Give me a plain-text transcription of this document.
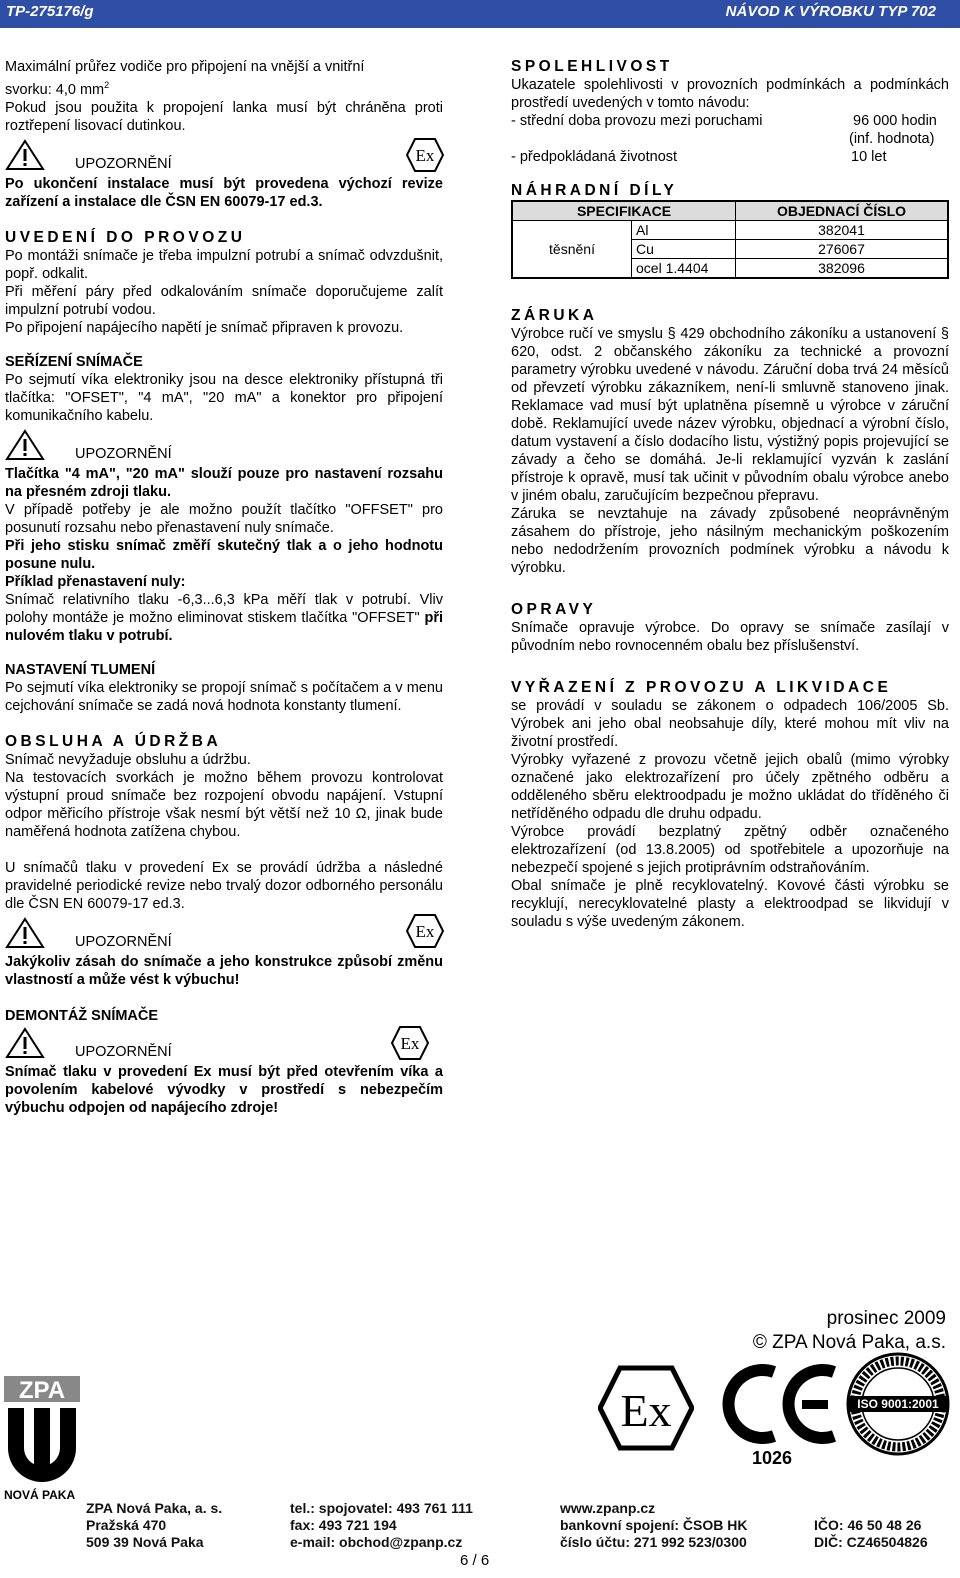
TP-275176/g	NÁVOD K VÝROBKU TYP 702

Maximální průřez vodiče pro připojení na vnější a vnitřní

svorku: 4,0 $mm^2$

Pokud jsou použita k propojení lanka musí být chráněna proti roztřepení lisovací dutinkou.

UPOZORNĚNÍ	Ex

Po ukončení instalace musí být provedena výchozí revize zařízení a instalace dle ČSN EN 60079-17 ed.3.

UVEDENÍ DO PROVOZU

Po montáži snímače je třeba impulzní potrubí a snímač odvzdušnit, popř. odkalit.

Při měření páry před odkalováním snímače doporučujeme zalít impulzní potrubí vodou.

Po připojení napájecího napětí je snímač připraven k provozu.

SEŘÍZENÍ SNÍMAČE

Po sejmutí víka elektroniky jsou na desce elektroniky přístupná tři tlačítka: "OFSET", "4 mA", "20 mA" a konektor pro připojení komunikačního kabelu.

UPOZORNĚNÍ

Tlačítka "4 mA", "20 mA" slouží pouze pro nastavení rozsahu na přesném zdroji tlaku.

V případě potřeby je ale možno použít tlačítko "OFFSET" pro posunutí rozsahu nebo přenastavení nuly snímače.

Při jeho stisku snímač změří skutečný tlak a o jeho hodnotu posune nulu.

Příklad přenastavení nuly:

Snímač relativního tlaku -6,3...6,3 kPa měří tlak v potrubí. Vliv polohy montáže je možno eliminovat stiskem tlačítka "OFFSET" při nulovém tlaku v potrubí.

NASTAVENÍ TLUMENÍ

Po sejmutí víka elektroniky se propojí snímač s počítačem a v menu cejchování snímače se zadá nová hodnota konstanty tlumení.

OBSLUHA A ÚDRŽBA

Snímač nevyžaduje obsluhu a údržbu.

Na testovacích svorkách je možno během provozu kontrolovat výstupní proud snímače bez rozpojení obvodu napájení. Vstupní odpor měřicího přístroje však nesmí být větší než 10 Ω, jinak bude naměřená hodnota zatížena chybou.

U snímačů tlaku v provedení Ex se provádí údržba a následné pravidelné periodické revize nebo trvalý dozor odborného personálu dle ČSN EN 60079-17 ed.3.

UPOZORNĚNÍ
Ex

Jakýkoliv zásah do snímače a jeho konstrukce způsobí změnu vlastností a může vést k výbuchu!

DEMONTÁŽ SNÍMAČE

UPOZORNĚNÍ	Ex

Snímač tlaku v provedení Ex musí být před otevřením víka a povolením kabelové vývodky v prostředí s nebezpečím výbuchu odpojen od napájecího zdroje!

SPOLEHLIVOST

Ukazatele spolehlivosti v provozních podmínkách a podmínkách prostředí uvedených v tomto návodu:

- střední doba provozu mezi poruchami	96 000 hodin
(inf. hodnota)
- předpokládaná životnost	10 let

NÁHRADNÍ DÍLY

SPECIFIKACE		OBJEDNACÍ ČÍSLO
těsnění	Al	382041
	Cu	276067
	ocel 1.4404	382096

ZÁRUKA

Výrobce ručí ve smyslu § 429 obchodního zákoníku a ustanovení § 620, odst. 2 občanského zákoníku za technické a provozní parametry výrobku uvedené v návodu. Záruční doba trvá 24 měsíců od převzetí výrobku zákazníkem, není-li smluvně stanoveno jinak. Reklamace vad musí být uplatněna písemně u výrobce v záruční době. Reklamující uvede název výrobku, objednací a výrobní číslo, datum vystavení a číslo dodacího listu, výstižný popis projevující se závady a čeho se domáhá. Je-li reklamující vyzván k zaslání přístroje k opravě, musí tak učinit v původním obalu výrobce anebo v jiném obalu, zaručujícím bezpečnou přepravu.

Záruka se nevztahuje na závady způsobené neoprávněným zásahem do přístroje, jeho násilným mechanickým poškozením nebo nedodržením provozních podmínek výrobku a návodu k výrobku.

OPRAVY

Snímače opravuje výrobce. Do opravy se snímače zasílají v původním nebo rovnocenném obalu bez příslušenství.

VYŘAZENÍ Z PROVOZU A LIKVIDACE

se provádí v souladu se zákonem o odpadech 106/2005 Sb. Výrobek ani jeho obal neobsahuje díly, které mohou mít vliv na životní prostředí.

Výrobky vyřazené z provozu včetně jejich obalů (mimo výrobky označené jako elektrozařízení pro účely zpětného odběru a odděleného sběru elektroodpadu je možno ukládat do tříděného či netříděného odpadu dle druhu odpadu.

Výrobce provádí bezplatný zpětný odběr označeného elektrozařízení (od 13.8.2005) od spotřebitele a upozorňuje na nebezpečí spojené s jejich protiprávním odstraňováním.

Obal snímače je plně recyklovatelný. Kovové části výrobku se recyklují, nerecyklovatelné plasty a elektroodpad se likvidují v souladu s výše uvedeným zákonem.

prosinec 2009
© ZPA Nová Paka, a.s.
ZPA
NOVÁ PAKA
Ex
1026
ISO 9001:2001
ZPA Nová Paka, a. s.
Pražská 470
509 39 Nová Paka
tel.: spojovatel: 493 761 111
fax: 493 721 194
e-mail: obchod@zpanp.cz
www.zpanp.cz
bankovní spojení: ČSOB HK
číslo účtu: 271 992 523/0300
IČO: 46 50 48 26
DIČ: CZ46504826
6 / 6
